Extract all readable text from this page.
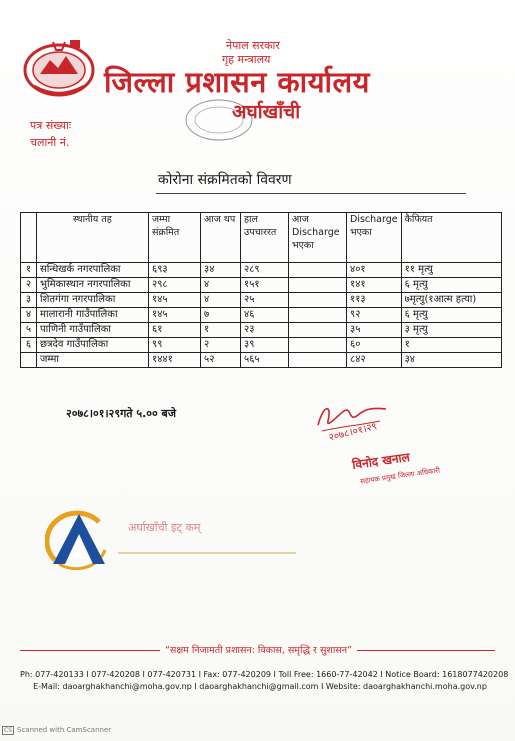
नेपाल सरकार
गृह मन्त्रालय
जिल्ला प्रशासन कार्यालय
अर्घाखाँची
पत्र संख्याः
चलानी नं.
कोरोना संक्रमितको विवरण
	स्थानीय तह	जम्मा संक्रमित	आज थप	हाल उपचाररत	आज Discharge भएका	Discharge भएका	कैफियत
१	सन्धिखर्क नगरपालिका	६९३	३४	२८९		४०१	११ मृत्यु
२	भुमिकास्थान नगरपालिका	२९८	४	१५१		१४१	६ मृत्यु
३	शितगंगा नगरपालिका	१४५	४	२५		११३	७मृत्यु(१आत्म हत्या)
४	मालारानी गाउँपालिका	१४५	७	४६		९२	६ मृत्यु
५	पाणिनी गाउँपालिका	६१	१	२३		३५	३ मृत्यु
६	छत्रदेव गाउँपालिका	९९	२	३९		६०	१
	जम्मा	१४४१	५२	५६५		८४२	३४
२०७८।०१।२९गते ५.०० बजे
२०७८।०१।२९
विनोद खनाल
सहायक प्रमुख जिल्ला अधिकारी
अर्घाखाँची इट् कम्
“सक्षम निजामती प्रशासन: विकास, समृद्धि र सुशासन”
Ph: 077-420133 I 077-420208 I 077-420731 I Fax: 077-420209 I Toll Free: 1660-77-42042 I Notice Board: 1618077420208
E-Mail: daoarghakhanchi@moha.gov.np I daoarghakhanchi@gmail.com I Website: daoarghakhanchi.moha.gov.np
CS Scanned with CamScanner
